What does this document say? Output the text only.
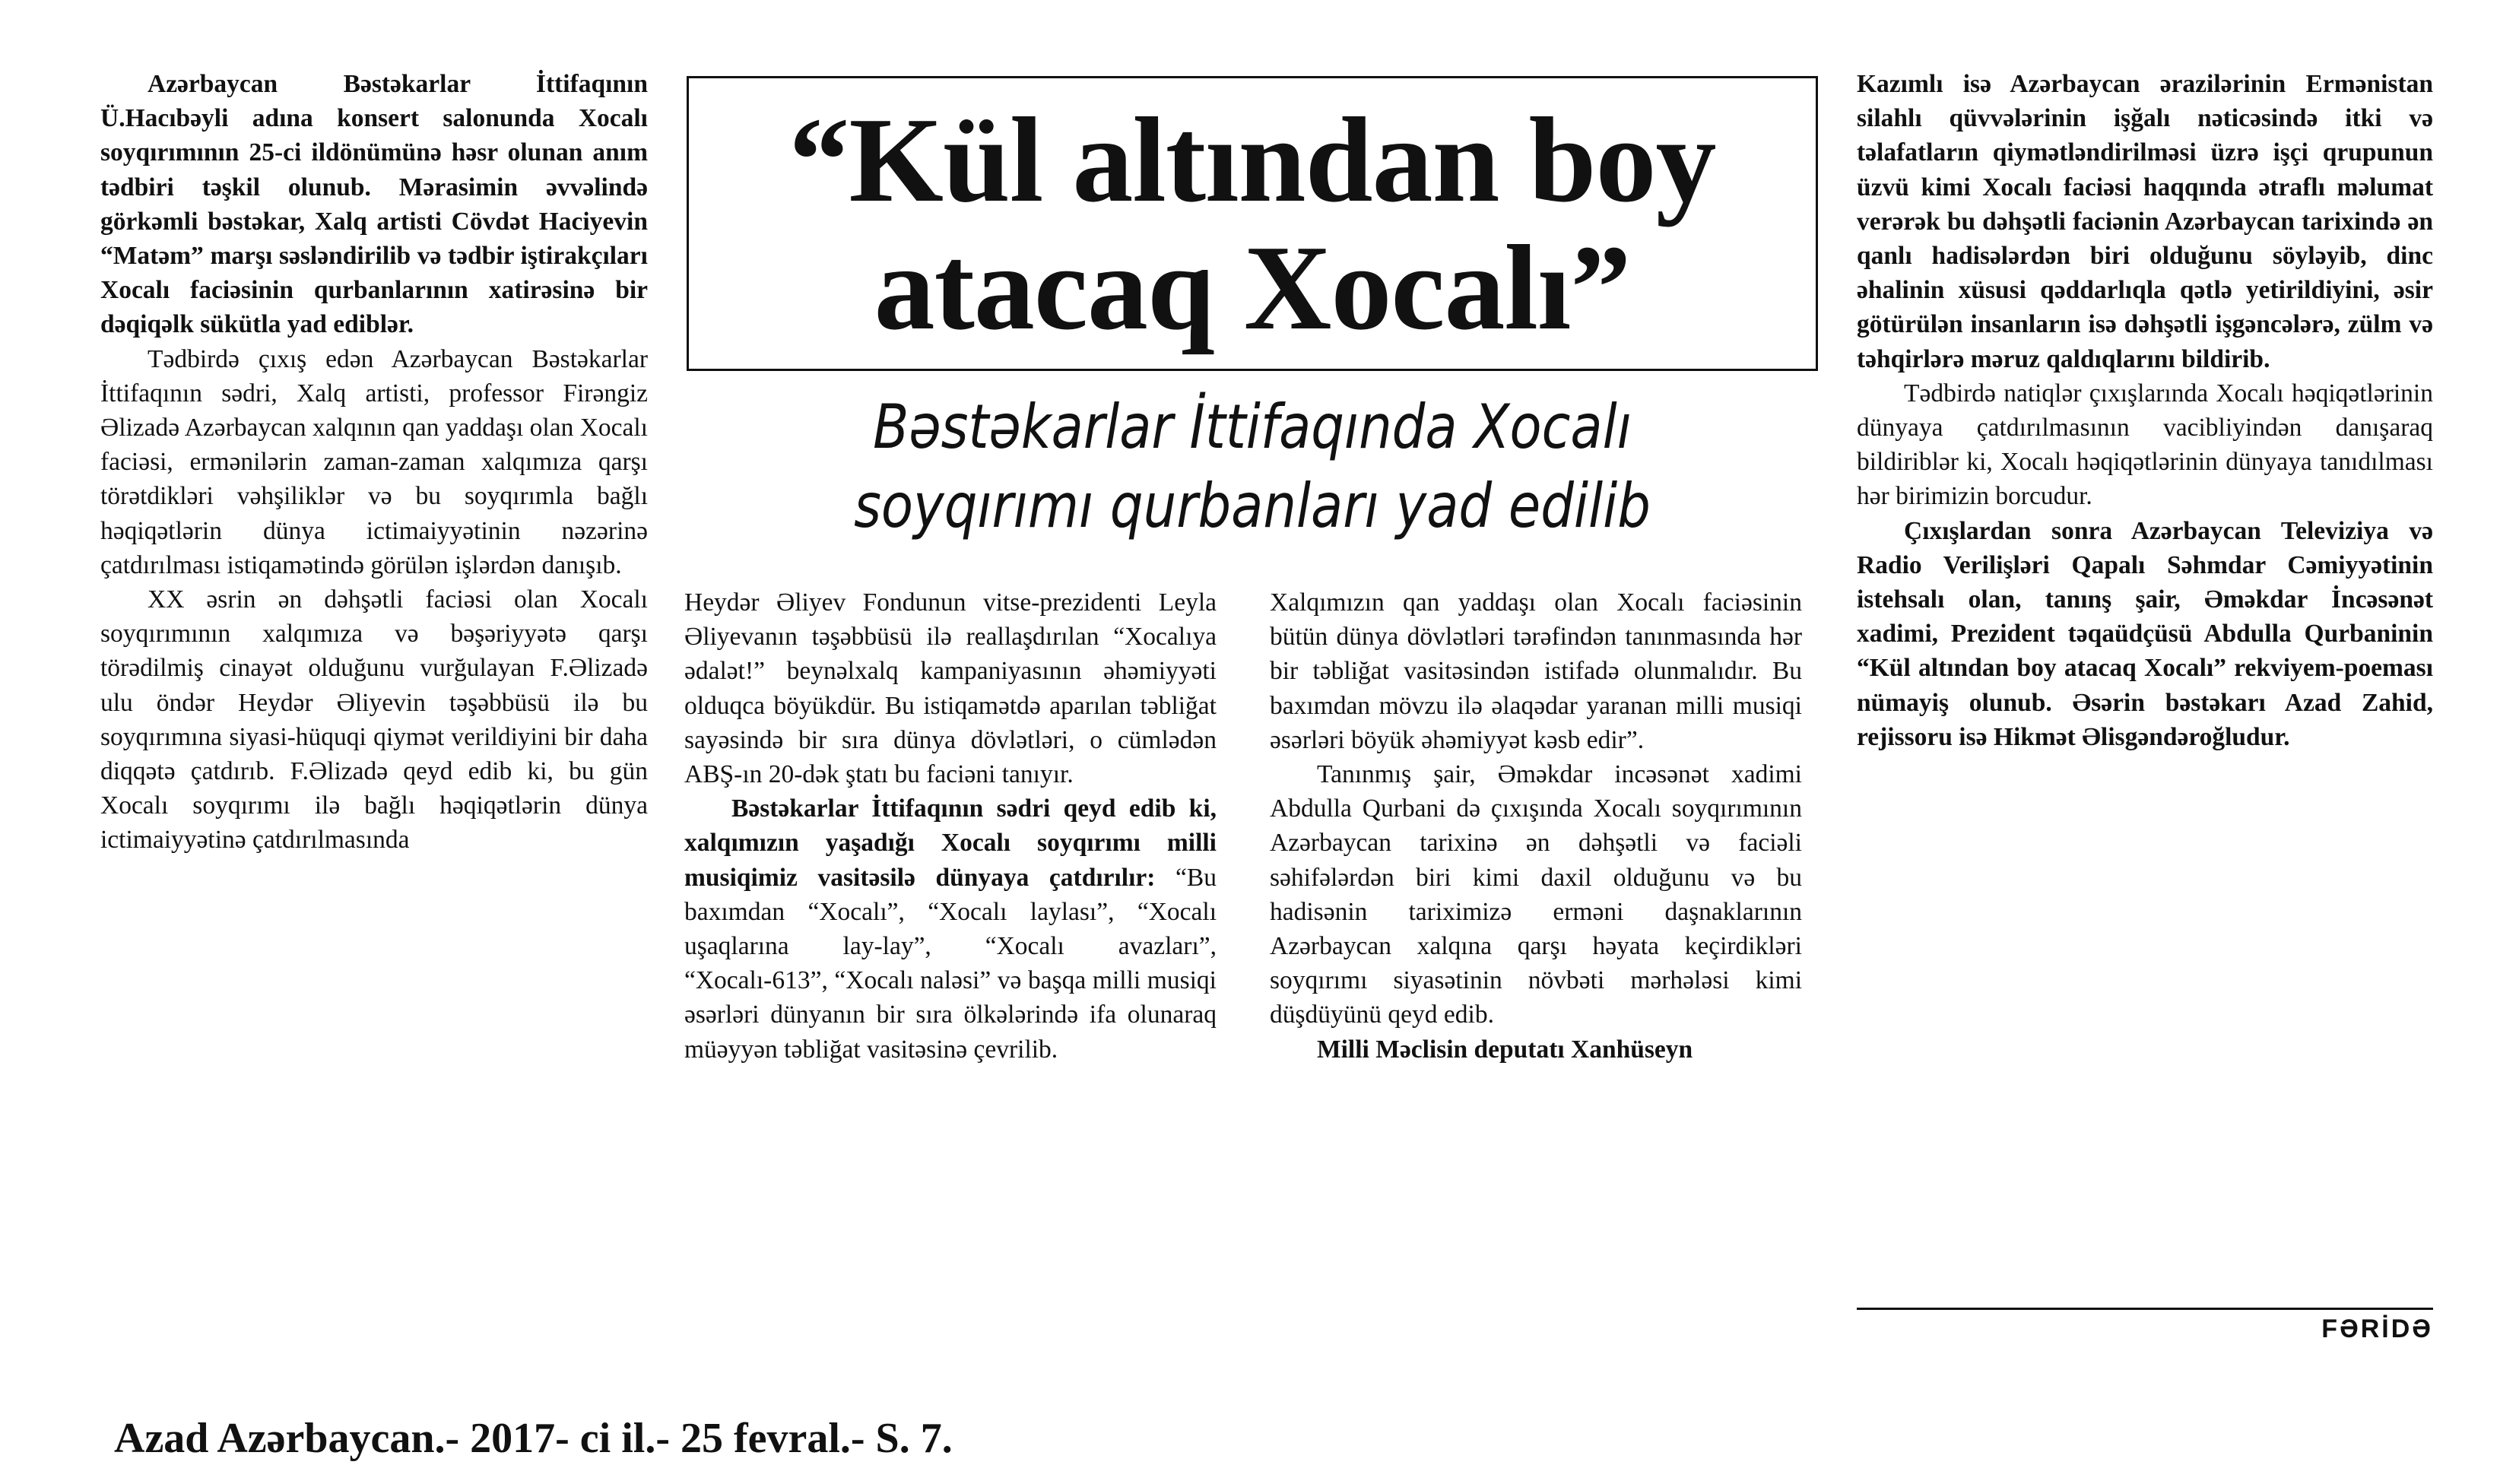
Azərbaycan Bəstəkarlar İttifaqının Ü.Hacıbəyli adına konsert salonunda Xocalı soyqırımının 25-ci ildönümünə həsr olunan anım tədbiri təşkil olunub. Mərasimin əvvəlində görkəmli bəstəkar, Xalq artisti Cövdət Haciyevin “Matəm” marşı səsləndirilib və tədbir iştirakçıları Xocalı faciəsinin qurbanlarının xatirəsinə bir dəqiqəlk sükütla yad ediblər.

Tədbirdə çıxış edən Azərbaycan Bəstəkarlar İttifaqının sədri, Xalq artisti, professor Firəngiz Əlizadə Azərbaycan xalqının qan yaddaşı olan Xocalı faciəsi, ermənilərin zaman-zaman xalqımıza qarşı törətdikləri vəhşiliklər və bu soyqırımla bağlı həqiqətlərin dünya ictimaiyyətinin nəzərinə çatdırılması istiqamətində görülən işlərdən danışıb.

XX əsrin ən dəhşətli faciəsi olan Xocalı soyqırımının xalqımıza və bəşəriyyətə qarşı törədilmiş cinayət olduğunu vurğulayan F.Əlizadə ulu öndər Heydər Əliyevin təşəbbüsü ilə bu soyqırımına siyasi-hüquqi qiymət verildiyini bir daha diqqətə çatdırıb. F.Əlizadə qeyd edib ki, bu gün Xocalı soyqırımı ilə bağlı həqiqətlərin dünya ictimaiyyətinə çatdırılmasında

“Kül altından boy
atacaq Xocalı”
Bəstəkarlar İttifaqında Xocalı
soyqırımı qurbanları yad edilib

Heydər Əliyev Fondunun vitse-prezidenti Leyla Əliyevanın təşəbbüsü ilə reallaşdırılan “Xocalıya ədalət!” beynəlxalq kampaniyasının əhəmiyyəti olduqca böyükdür. Bu istiqamətdə aparılan təbliğat sayəsində bir sıra dünya dövlətləri, o cümlədən ABŞ-ın 20-dək ştatı bu faciəni tanıyır.

Bəstəkarlar İttifaqının sədri qeyd edib ki, xalqımızın yaşadığı Xocalı soyqırımı milli musiqimiz vasitəsilə dünyaya çatdırılır: “Bu baxımdan “Xocalı”, “Xocalı laylası”, “Xocalı uşaqlarına lay-lay”, “Xocalı avazları”, “Xocalı-613”, “Xocalı naləsi” və başqa milli musiqi əsərləri dünyanın bir sıra ölkələrində ifa olunaraq müəyyən təbliğat vasitəsinə çevrilib.

Xalqımızın qan yaddaşı olan Xocalı faciəsinin bütün dünya dövlətləri tərəfindən tanınmasında hər bir təbliğat vasitəsindən istifadə olunmalıdır. Bu baxımdan mövzu ilə əlaqədar yaranan milli musiqi əsərləri böyük əhəmiyyət kəsb edir”.

Tanınmış şair, Əməkdar incəsənət xadimi Abdulla Qurbani də çıxışında Xocalı soyqırımının Azərbaycan tarixinə ən dəhşətli və faciəli səhifələrdən biri kimi daxil olduğunu və bu hadisənin tariximizə erməni daşnaklarının Azərbaycan xalqına qarşı həyata keçirdikləri soyqırımı siyasətinin növbəti mərhələsi kimi düşdüyünü qeyd edib.

Milli Məclisin deputatı Xanhüseyn

Kazımlı isə Azərbaycan ərazilərinin Ermənistan silahlı qüvvələrinin işğalı nəticəsində itki və təlafatların qiymətləndirilməsi üzrə işçi qrupunun üzvü kimi Xocalı faciəsi haqqında ətraflı məlumat verərək bu dəhşətli faciənin Azərbaycan tarixində ən qanlı hadisələrdən biri olduğunu söyləyib, dinc əhalinin xüsusi qəddarlıqla qətlə yetirildiyini, əsir götürülən insanların isə dəhşətli işgəncələrə, zülm və təhqirlərə məruz qaldıqlarını bildirib.

Tədbirdə natiqlər çıxışlarında Xocalı həqiqətlərinin dünyaya çatdırılmasının vacibliyindən danışaraq bildiriblər ki, Xocalı həqiqətlərinin dünyaya tanıdılması hər birimizin borcudur.

Çıxışlardan sonra Azərbaycan Televiziya və Radio Verilişləri Qapalı Səhmdar Cəmiyyətinin istehsalı olan, tanınş şair, Əməkdar İncəsənət xadimi, Prezident təqaüdçüsü Abdulla Qurbaninin “Kül altından boy atacaq Xocalı” rekviyem-poeması nümayiş olunub. Əsərin bəstəkarı Azad Zahid, rejissoru isə Hikmət Əlisgəndəroğludur.

FƏRİDƏ
Azad Azərbaycan.- 2017- ci il.- 25 fevral.- S. 7.
